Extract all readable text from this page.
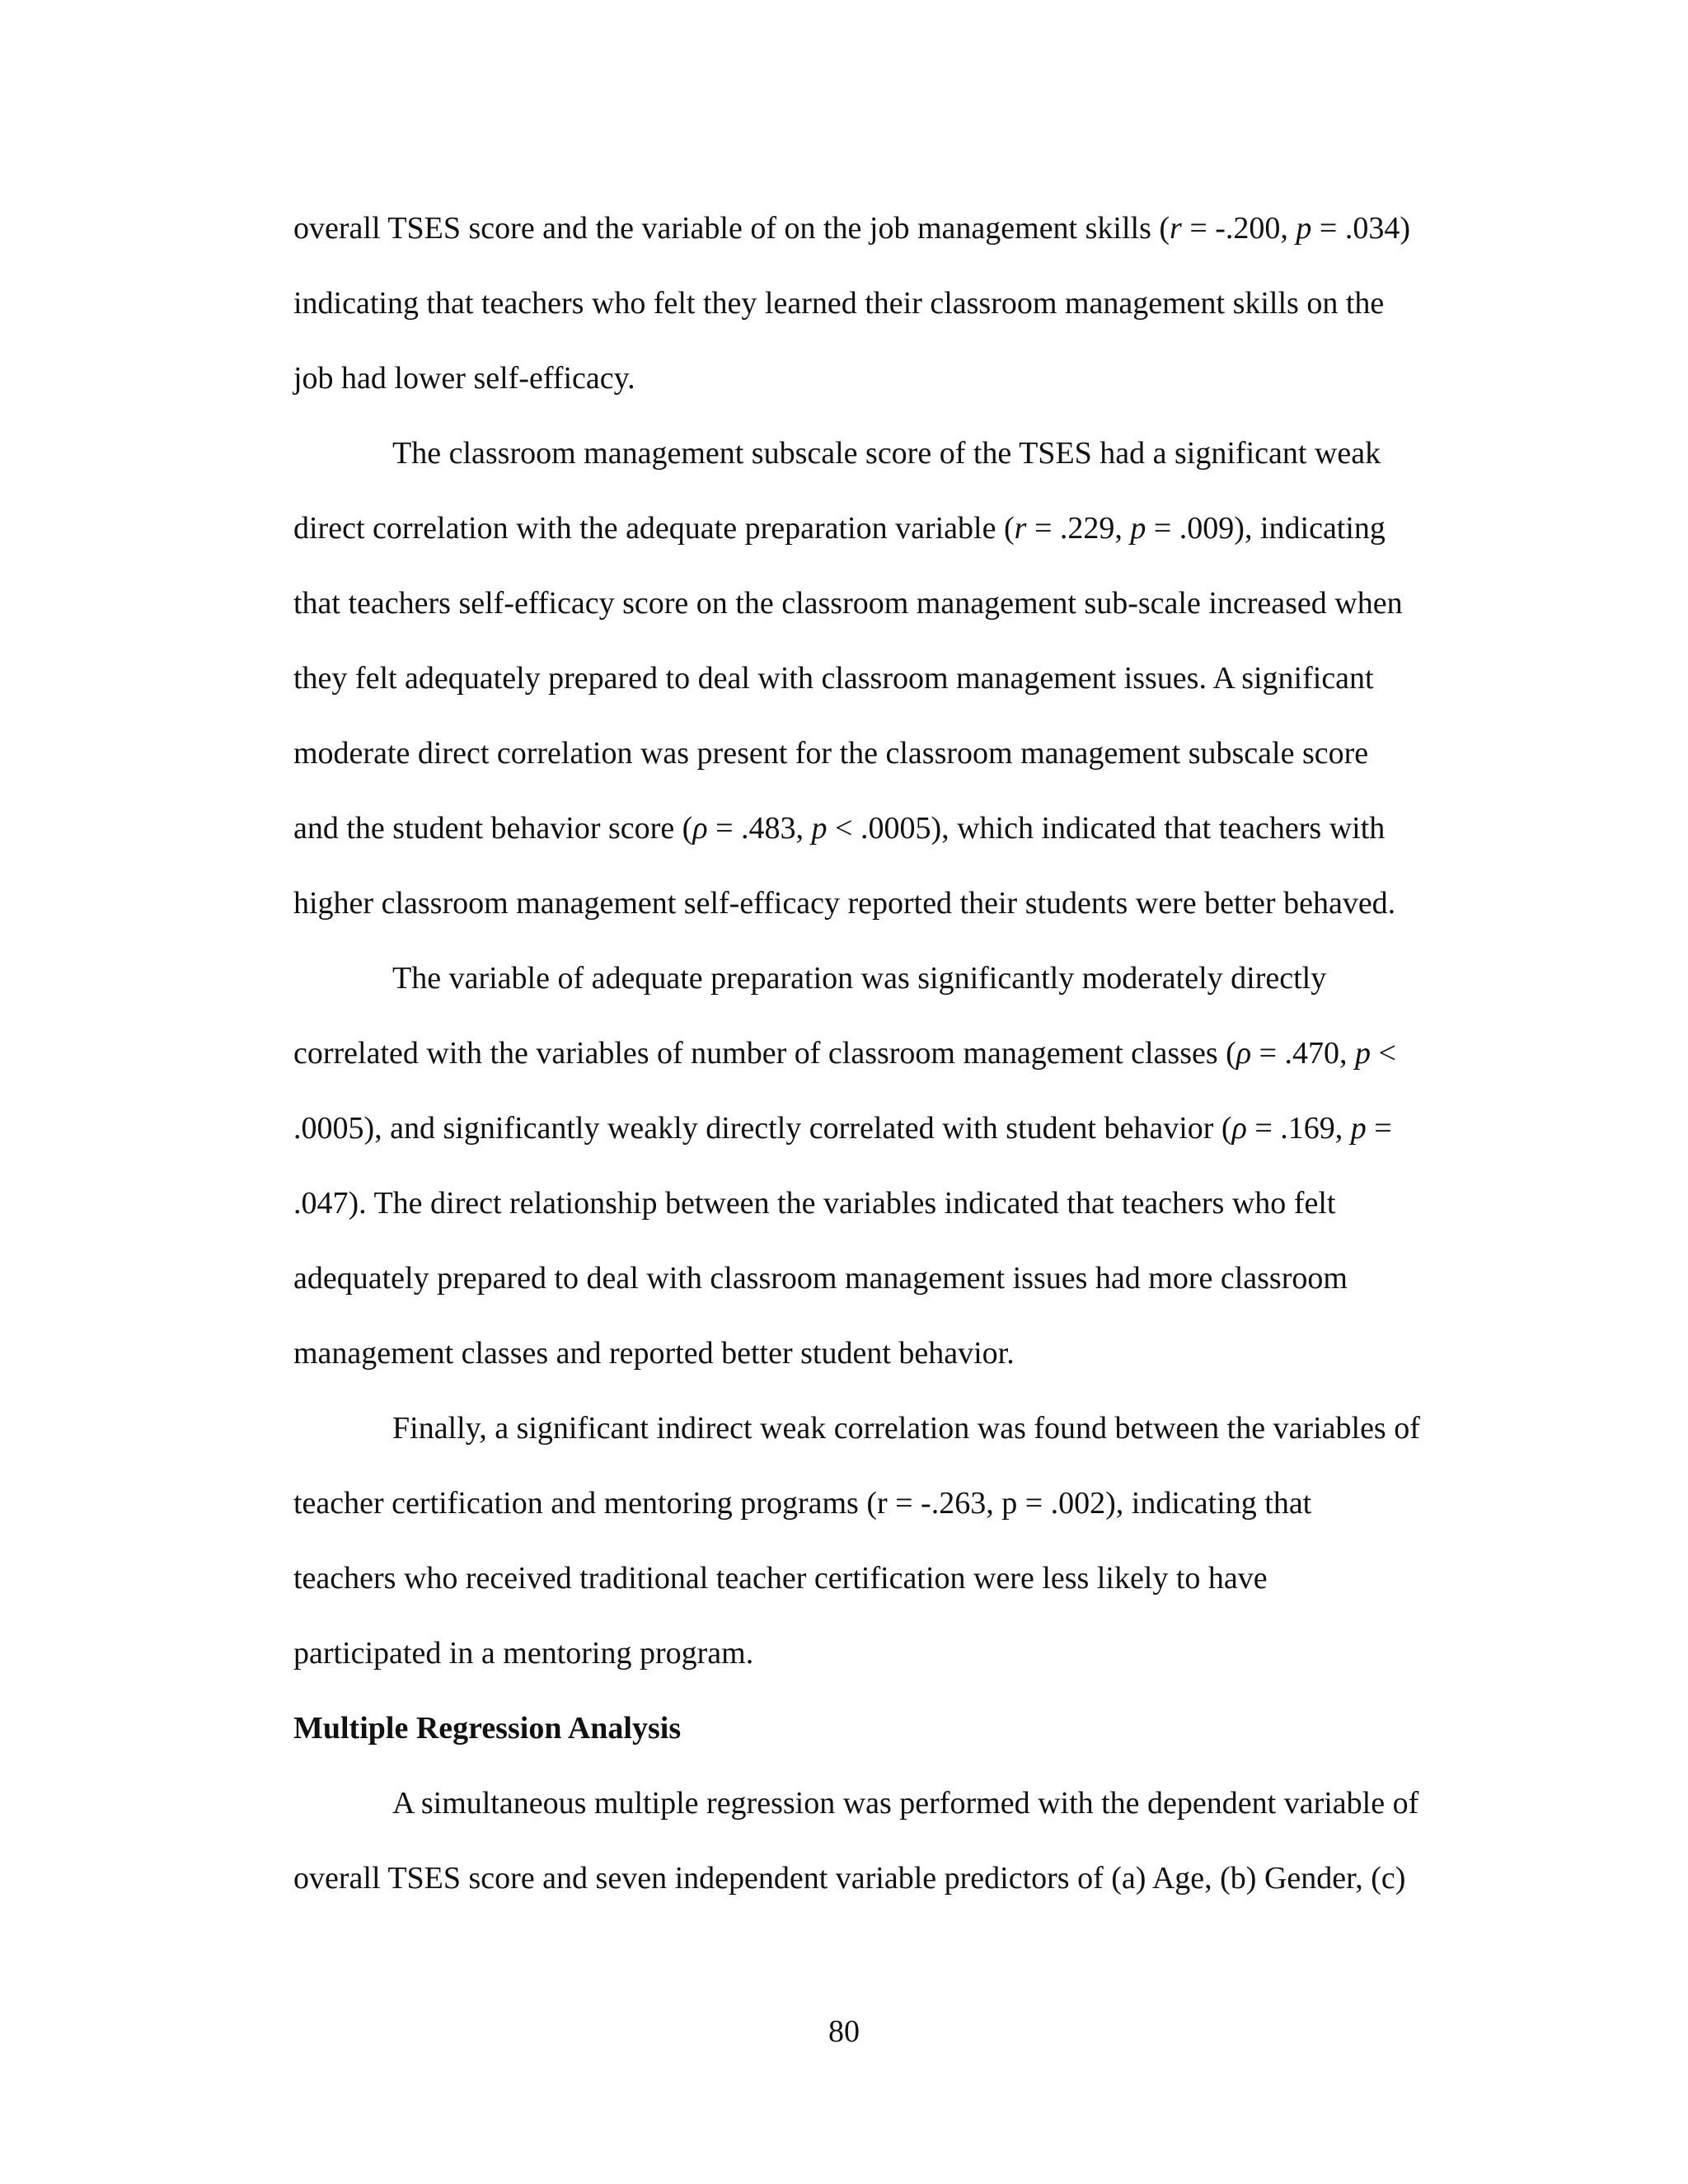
overall TSES score and the variable of on the job management skills (r = -.200, p = .034)
indicating that teachers who felt they learned their classroom management skills on the
job had lower self-efficacy.
The classroom management subscale score of the TSES had a significant weak
direct correlation with the adequate preparation variable (r = .229, p = .009), indicating
that teachers self-efficacy score on the classroom management sub-scale increased when
they felt adequately prepared to deal with classroom management issues. A significant
moderate direct correlation was present for the classroom management subscale score
and the student behavior score (ρ = .483, p < .0005), which indicated that teachers with
higher classroom management self-efficacy reported their students were better behaved.
The variable of adequate preparation was significantly moderately directly
correlated with the variables of number of classroom management classes (ρ = .470, p <
.0005), and significantly weakly directly correlated with student behavior (ρ = .169, p =
.047). The direct relationship between the variables indicated that teachers who felt
adequately prepared to deal with classroom management issues had more classroom
management classes and reported better student behavior.
Finally, a significant indirect weak correlation was found between the variables of
teacher certification and mentoring programs (r = -.263, p = .002), indicating that
teachers who received traditional teacher certification were less likely to have
participated in a mentoring program.
Multiple Regression Analysis
A simultaneous multiple regression was performed with the dependent variable of
overall TSES score and seven independent variable predictors of (a) Age, (b) Gender, (c)
80
